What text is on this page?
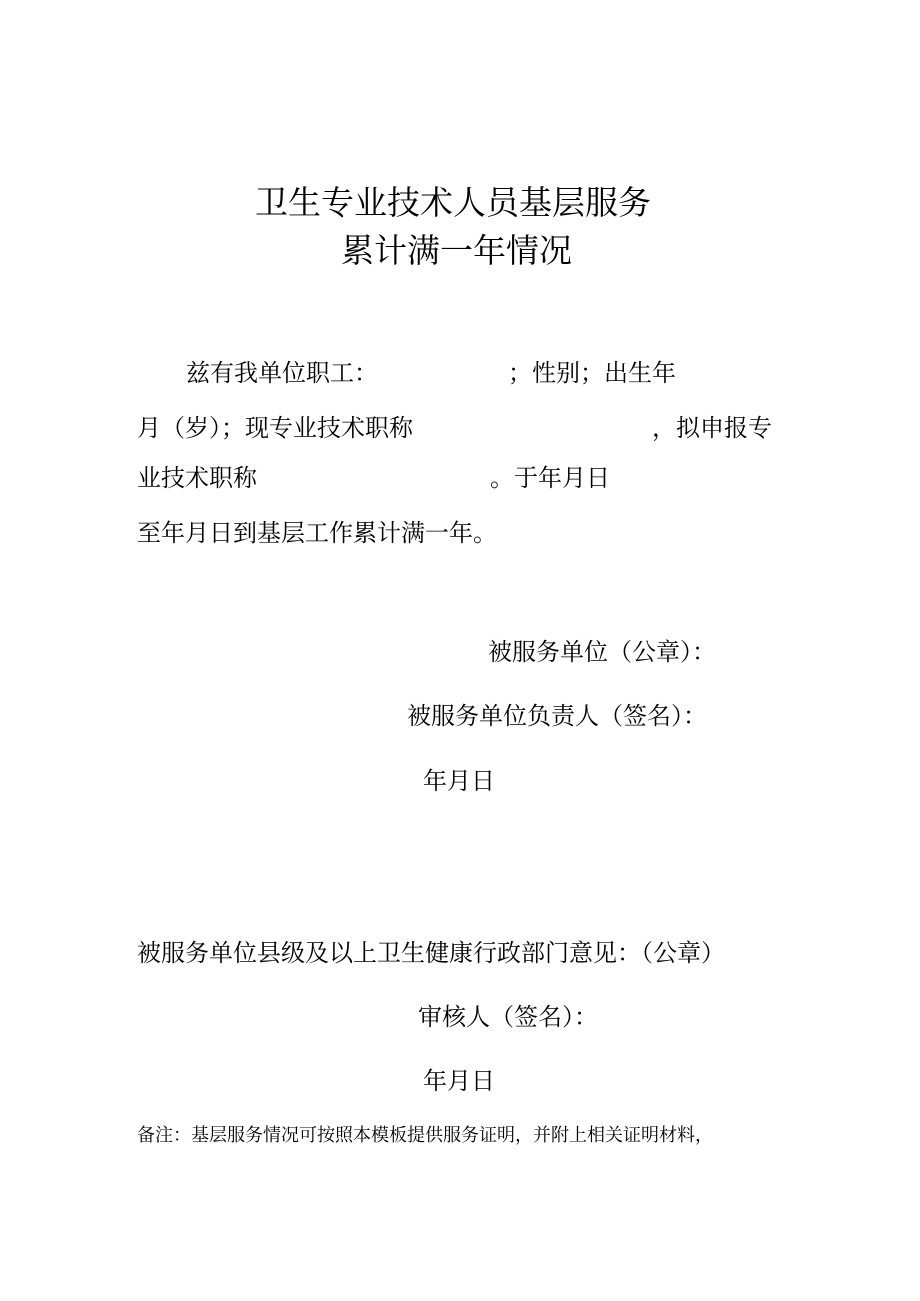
卫生专业技术人员基层服务
累计满一年情况
兹有我单位职工：	；性别；出生年
月（岁）；现专业技术职称	，拟申报专
业技术职称	。于年月日
至年月日到基层工作累计满一年。
被服务单位（公章）：
被服务单位负责人（签名）：
年月日
被服务单位县级及以上卫生健康行政部门意见：（公章）
审核人（签名）：
年月日
备注：基层服务情况可按照本模板提供服务证明，并附上相关证明材料，
